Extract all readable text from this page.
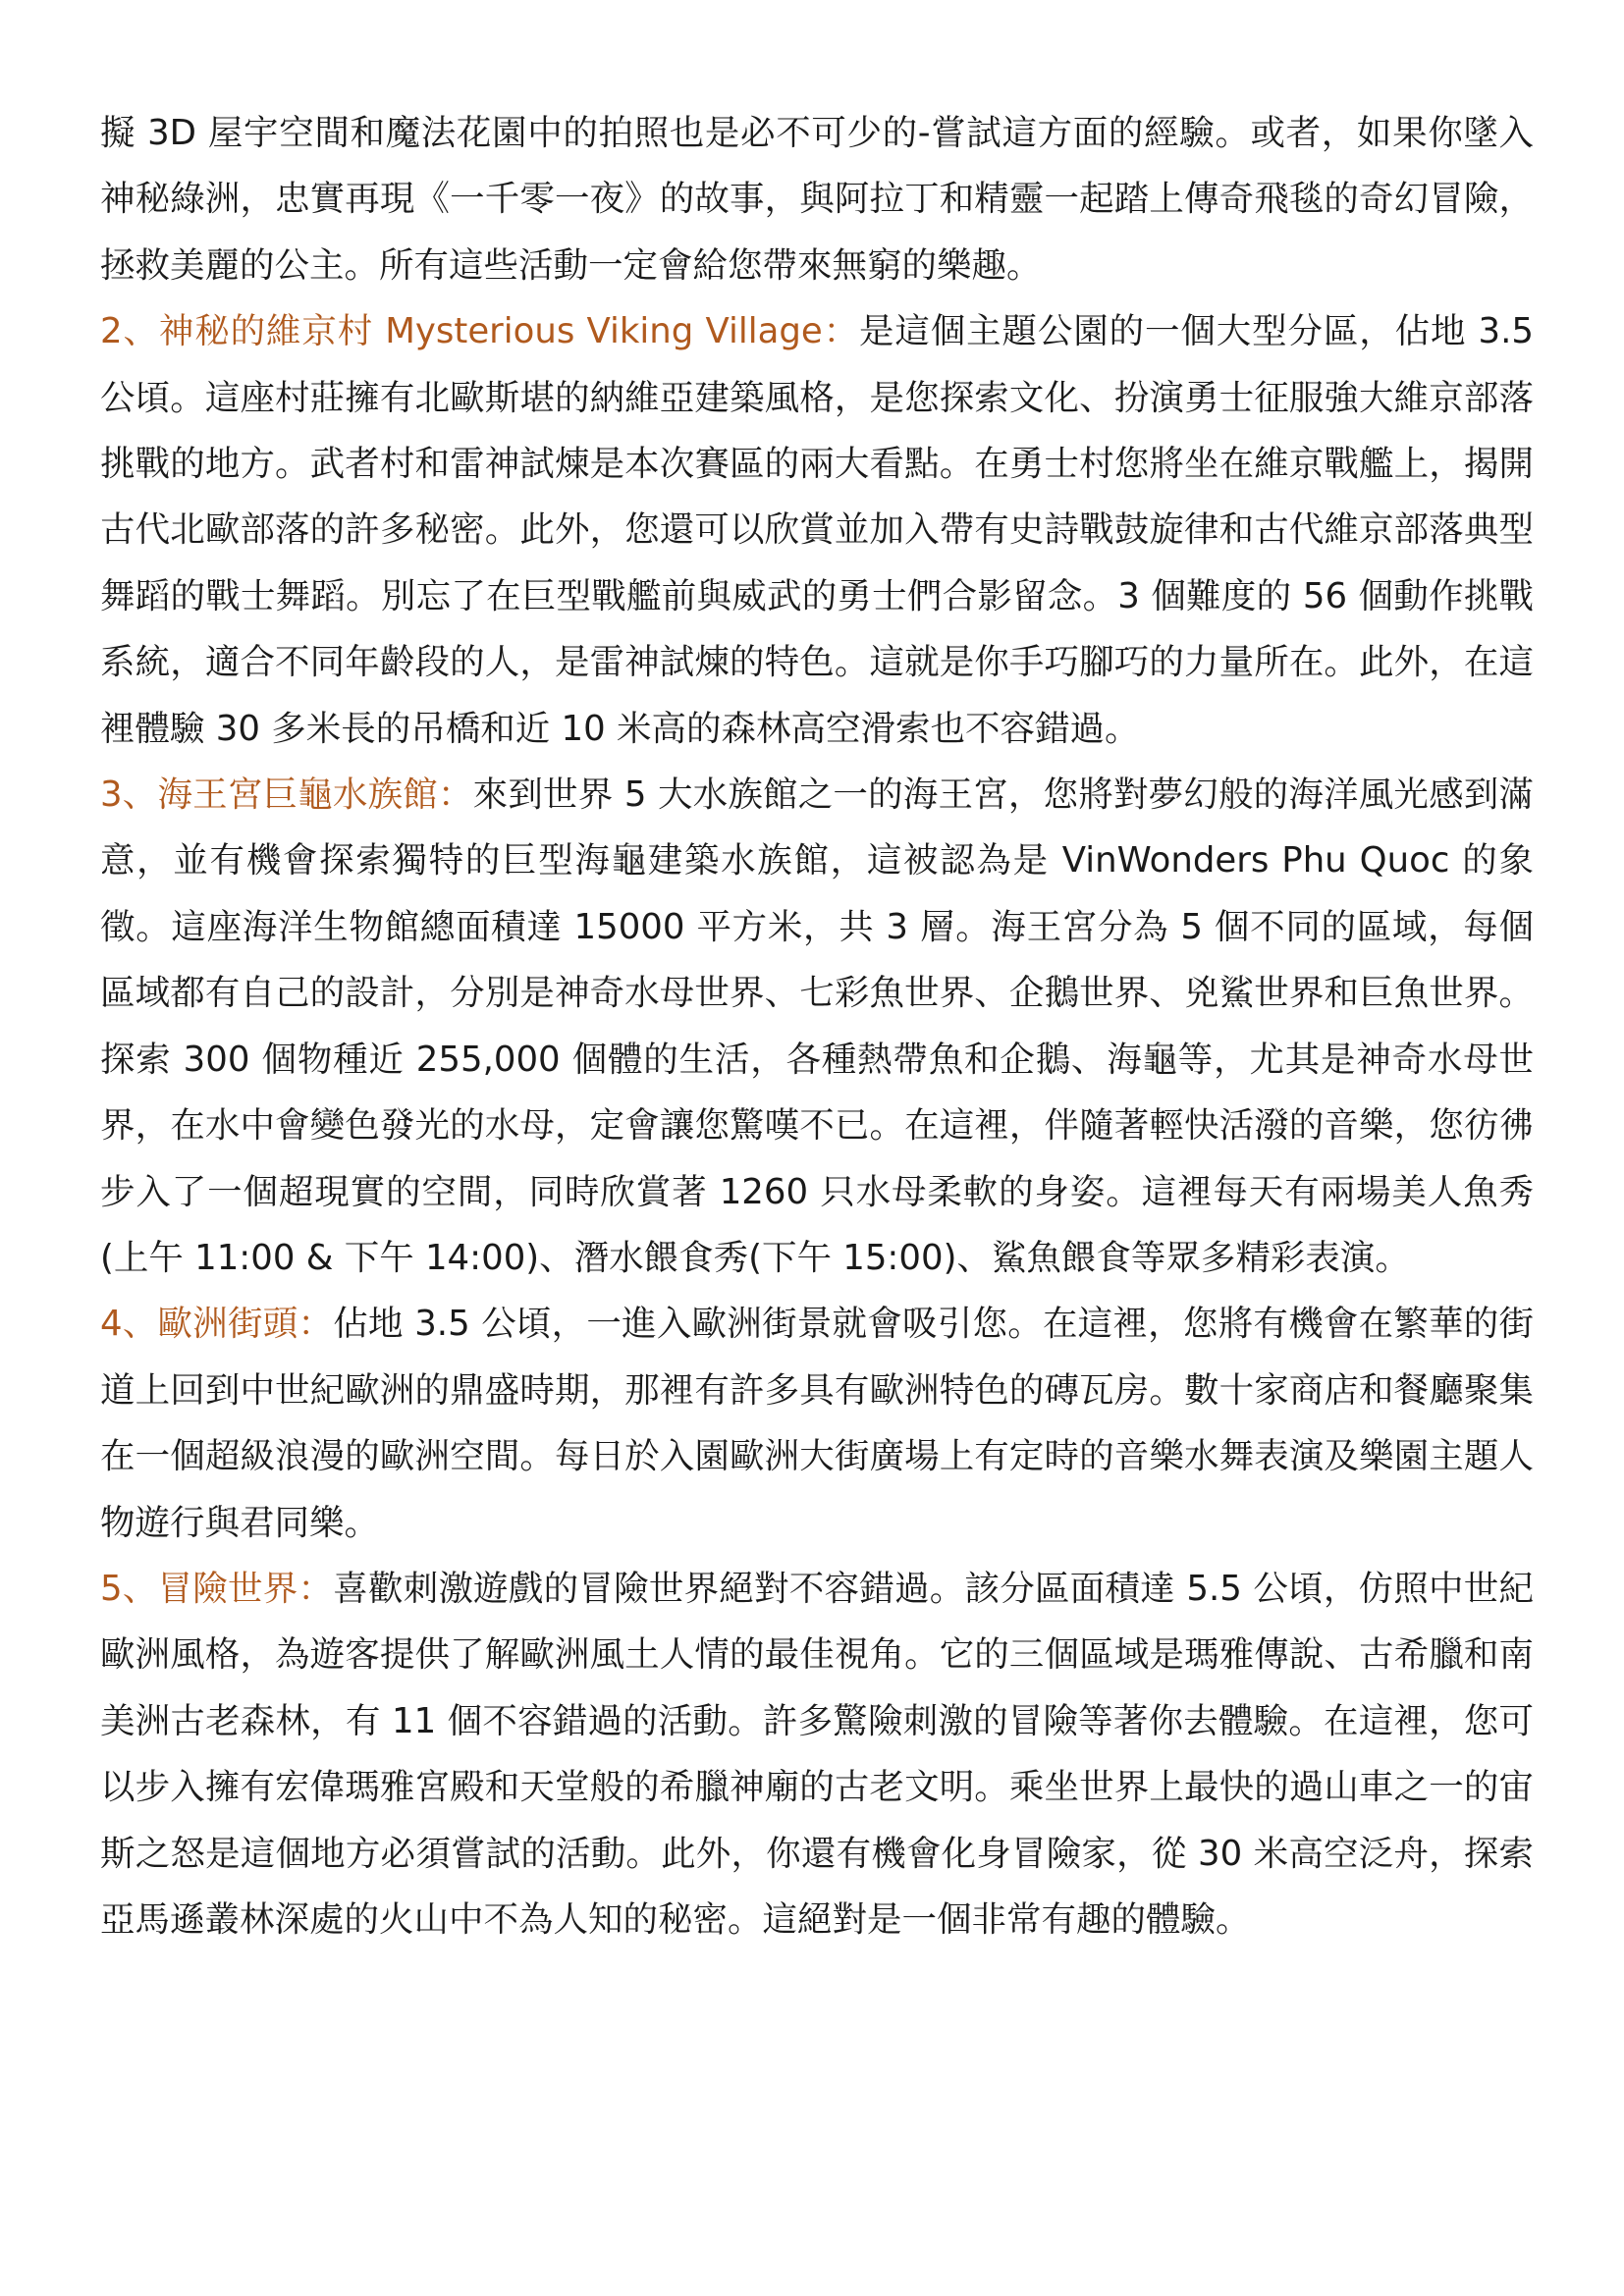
擬 3D 屋宇空間和魔法花園中的拍照也是必不可少的-嘗試這方面的經驗。或者，如果你墜入神秘綠洲，忠實再現《一千零一夜》的故事，與阿拉丁和精靈一起踏上傳奇飛毯的奇幻冒險，拯救美麗的公主。所有這些活動一定會給您帶來無窮的樂趣。

2、神秘的維京村 Mysterious Viking Village：是這個主題公園的一個大型分區，佔地 3.5 公頃。這座村莊擁有北歐斯堪的納維亞建築風格，是您探索文化、扮演勇士征服強大維京部落挑戰的地方。武者村和雷神試煉是本次賽區的兩大看點。在勇士村您將坐在維京戰艦上，揭開古代北歐部落的許多秘密。此外，您還可以欣賞並加入帶有史詩戰鼓旋律和古代維京部落典型舞蹈的戰士舞蹈。別忘了在巨型戰艦前與威武的勇士們合影留念。3 個難度的 56 個動作挑戰系統，適合不同年齡段的人，是雷神試煉的特色。這就是你手巧腳巧的力量所在。此外，在這裡體驗 30 多米長的吊橋和近 10 米高的森林高空滑索也不容錯過。

3、海王宮巨龜水族館：來到世界 5 大水族館之一的海王宮，您將對夢幻般的海洋風光感到滿意，並有機會探索獨特的巨型海龜建築水族館，這被認為是 VinWonders Phu Quoc 的象徵。這座海洋生物館總面積達 15000 平方米，共 3 層。海王宮分為 5 個不同的區域，每個區域都有自己的設計，分別是神奇水母世界、七彩魚世界、企鵝世界、兇鯊世界和巨魚世界。探索 300 個物種近 255,000 個體的生活，各種熱帶魚和企鵝、海龜等，尤其是神奇水母世界，在水中會變色發光的水母，定會讓您驚嘆不已。在這裡，伴隨著輕快活潑的音樂，您彷彿步入了一個超現實的空間，同時欣賞著 1260 只水母柔軟的身姿。這裡每天有兩場美人魚秀 (上午 11:00 & 下午 14:00)、潛水餵食秀(下午 15:00)、鯊魚餵食等眾多精彩表演。

4、歐洲街頭：佔地 3.5 公頃，一進入歐洲街景就會吸引您。在這裡，您將有機會在繁華的街道上回到中世紀歐洲的鼎盛時期，那裡有許多具有歐洲特色的磚瓦房。數十家商店和餐廳聚集在一個超級浪漫的歐洲空間。每日於入園歐洲大街廣場上有定時的音樂水舞表演及樂園主題人物遊行與君同樂。

5、冒險世界：喜歡刺激遊戲的冒險世界絕對不容錯過。該分區面積達 5.5 公頃，仿照中世紀歐洲風格，為遊客提供了解歐洲風土人情的最佳視角。它的三個區域是瑪雅傳說、古希臘和南美洲古老森林，有 11 個不容錯過的活動。許多驚險刺激的冒險等著你去體驗。在這裡，您可以步入擁有宏偉瑪雅宮殿和天堂般的希臘神廟的古老文明。乘坐世界上最快的過山車之一的宙斯之怒是這個地方必須嘗試的活動。此外，你還有機會化身冒險家，從 30 米高空泛舟，探索亞馬遜叢林深處的火山中不為人知的秘密。這絕對是一個非常有趣的體驗。
